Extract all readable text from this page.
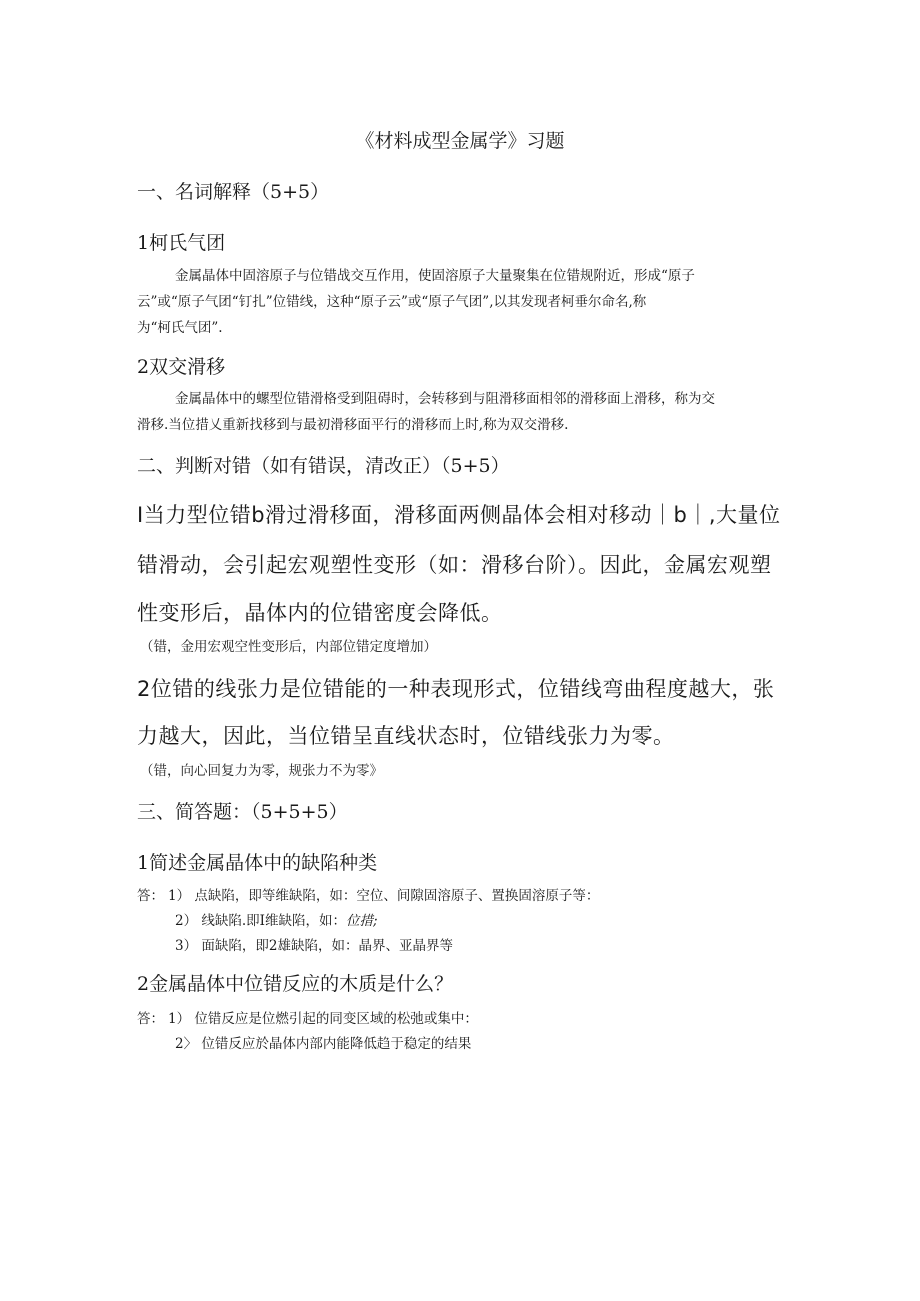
《材料成型金属学》习题
一、名词解释（5+5）
1柯氏气团
金属晶体中固溶原子与位错战交互作用，使固溶原子大量聚集在位错规附近，形成“原子
云”或“原子气团“钉扎”位错线，这种“原子云”或“原子气团”,以其发现者柯垂尔命名,称
为“柯氏气团”.
2双交滑移
金属晶体中的螺型位错滑格受到阻碍时，会转移到与阻滑移面相邻的滑移面上滑移，称为交
滑移.当位措乂重新找移到与最初滑移面平行的滑移而上时,称为双交滑移.
二、判断对错（如有错误，清改正）（5+5）
I当力型位错b滑过滑移面，滑移面两侧晶体会相对移动｜b｜,大量位
错滑动，会引起宏观塑性变形（如：滑移台阶）。因此，金属宏观塑
性变形后，晶体内的位错密度会降低。
（错，金用宏观空性变形后，内部位错定度增加）
2位错的线张力是位错能的一种表现形式，位错线弯曲程度越大，张
力越大，因此，当位错呈直线状态时，位错线张力为零。
（错，向心回复力为零，规张力不为零》
三、简答题：（5+5+5）
1简述金属晶体中的缺陷种类
答： 1） 点缺陷，即等维缺陷，如：空位、间隙固溶原子、置换固溶原子等：
2） 线缺陷.即I维缺陷，如：位措;
3） 面缺陷，即2雄缺陷，如：晶界、亚晶界等
2金属晶体中位错反应的木质是什么？
答： 1） 位错反应是位燃引起的同变区域的松弛或集中：
2〉 位错反应於晶体内部内能降低趋于稳定的结果
